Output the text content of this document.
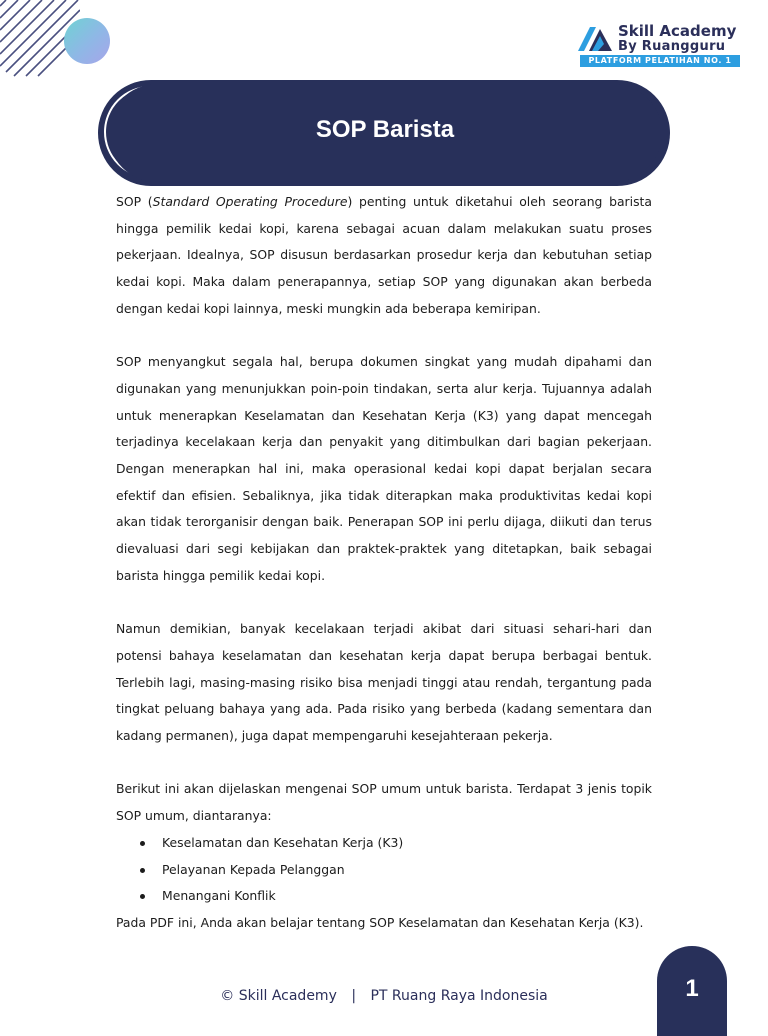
Skill Academy
By Ruangguru
PLATFORM PELATIHAN NO. 1
SOP Barista

SOP (Standard Operating Procedure) penting untuk diketahui oleh seorang barista hingga pemilik kedai kopi, karena sebagai acuan dalam melakukan suatu proses pekerjaan. Idealnya, SOP disusun berdasarkan prosedur kerja dan kebutuhan setiap kedai kopi. Maka dalam penerapannya, setiap SOP yang digunakan akan berbeda dengan kedai kopi lainnya, meski mungkin ada beberapa kemiripan.

SOP menyangkut segala hal, berupa dokumen singkat yang mudah dipahami dan digunakan yang menunjukkan poin-poin tindakan, serta alur kerja. Tujuannya adalah untuk menerapkan Keselamatan dan Kesehatan Kerja (K3) yang dapat mencegah terjadinya kecelakaan kerja dan penyakit yang ditimbulkan dari bagian pekerjaan. Dengan menerapkan hal ini, maka operasional kedai kopi dapat berjalan secara efektif dan efisien. Sebaliknya, jika tidak diterapkan maka produktivitas kedai kopi akan tidak terorganisir dengan baik. Penerapan SOP ini perlu dijaga, diikuti dan terus dievaluasi dari segi kebijakan dan praktek-praktek yang ditetapkan, baik sebagai barista hingga pemilik kedai kopi.

Namun demikian, banyak kecelakaan terjadi akibat dari situasi sehari-hari dan potensi bahaya keselamatan dan kesehatan kerja dapat berupa berbagai bentuk. Terlebih lagi, masing-masing risiko bisa menjadi tinggi atau rendah, tergantung pada tingkat peluang bahaya yang ada. Pada risiko yang berbeda (kadang sementara dan kadang permanen), juga dapat mempengaruhi kesejahteraan pekerja.

Berikut ini akan dijelaskan mengenai SOP umum untuk barista. Terdapat 3 jenis topik SOP umum, diantaranya:

Keselamatan dan Kesehatan Kerja (K3)
Pelayanan Kepada Pelanggan
Menangani Konflik

Pada PDF ini, Anda akan belajar tentang SOP Keselamatan dan Kesehatan Kerja (K3).

© Skill Academy | PT Ruang Raya Indonesia	1
